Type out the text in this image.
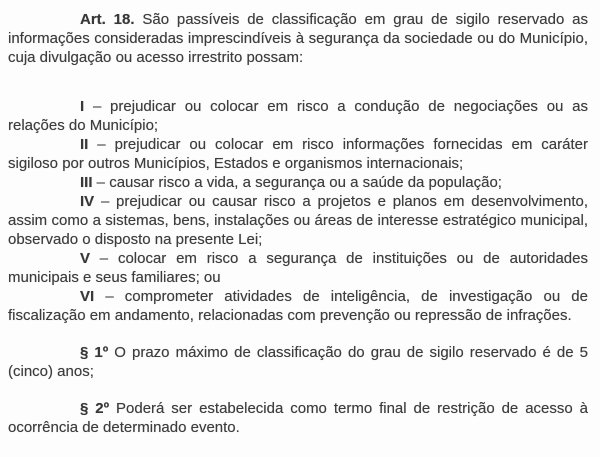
Art. 18. São passíveis de classificação em grau de sigilo reservado as informações consideradas imprescindíveis à segurança da sociedade ou do Município, cuja divulgação ou acesso irrestrito possam:

I – prejudicar ou colocar em risco a condução de negociações ou as relações do Município;

II – prejudicar ou colocar em risco informações fornecidas em caráter sigiloso por outros Municípios, Estados e organismos internacionais;

III – causar risco a vida, a segurança ou a saúde da população;

IV – prejudicar ou causar risco a projetos e planos em desenvolvimento, assim como a sistemas, bens, instalações ou áreas de interesse estratégico municipal, observado o disposto na presente Lei;

V – colocar em risco a segurança de instituições ou de autoridades municipais e seus familiares; ou

VI – comprometer atividades de inteligência, de investigação ou de fiscalização em andamento, relacionadas com prevenção ou repressão de infrações.

§ 1º O prazo máximo de classificação do grau de sigilo reservado é de 5 (cinco) anos;

§ 2º Poderá ser estabelecida como termo final de restrição de acesso à ocorrência de determinado evento.
